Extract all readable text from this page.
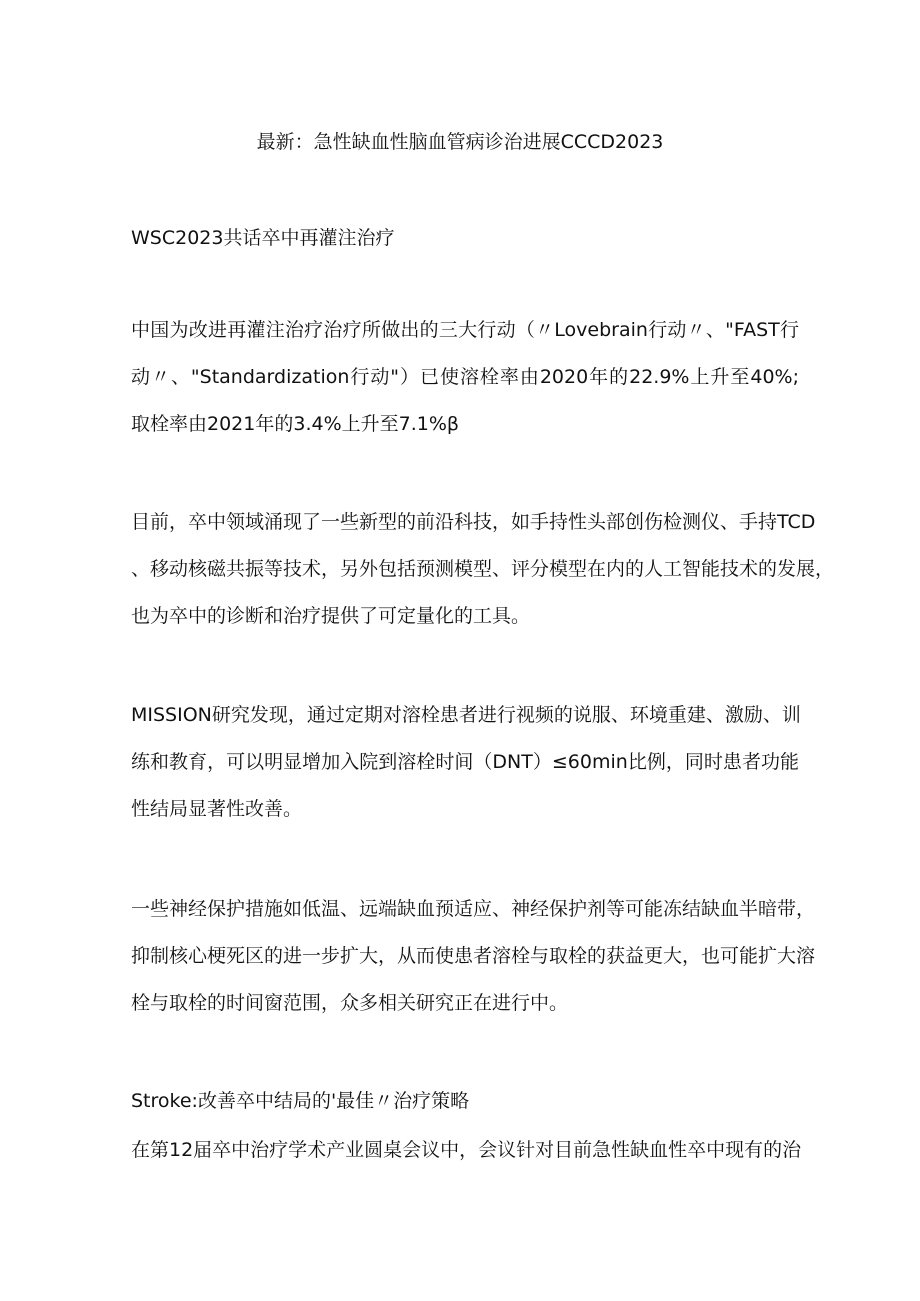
最新：急性缺血性脑血管病诊治进展CCCD2023
WSC2023共话卒中再灌注治疗
中国为改进再灌注治疗治疗所做出的三大行动（〃Lovebrain行动〃、"FAST行
动〃、"Standardization行动"）已使溶栓率由2020年的22.9%上升至40%;
取栓率由2021年的3.4%上升至7.1%β
目前，卒中领域涌现了一些新型的前沿科技，如手持性头部创伤检测仪、手持TCD
、移动核磁共振等技术，另外包括预测模型、评分模型在内的人工智能技术的发展，
也为卒中的诊断和治疗提供了可定量化的工具。
MISSION研究发现，通过定期对溶栓患者进行视频的说服、环境重建、激励、训
练和教育，可以明显增加入院到溶栓时间（DNT）≤60min比例，同时患者功能
性结局显著性改善。
一些神经保护措施如低温、远端缺血预适应、神经保护剂等可能冻结缺血半暗带，
抑制核心梗死区的进一步扩大，从而使患者溶栓与取栓的获益更大，也可能扩大溶
栓与取栓的时间窗范围，众多相关研究正在进行中。
Stroke:改善卒中结局的'最佳〃治疗策略
在第12届卒中治疗学术产业圆桌会议中，会议针对目前急性缺血性卒中现有的治
